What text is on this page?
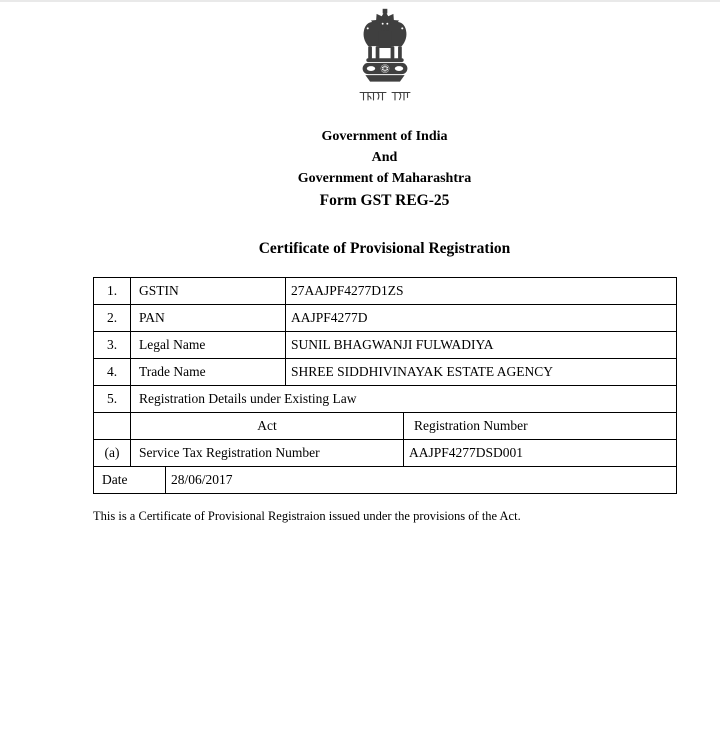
Government of India
And
Government of Maharashtra
Form GST REG-25
Certificate of Provisional Registration
1.	GSTIN		27AAJPF4277D1ZS	
2.	PAN		AAJPF4277D	
3.	Legal Name		SUNIL BHAGWANJI FULWADIYA	
4.	Trade Name		SHREE SIDDHIVINAYAK ESTATE AGENCY	
5.	Registration Details under Existing Law			
	Act			Registration Number
(a)	Service Tax Registration Number			AAJPF4277DSD001
Date		28/06/2017		
This is a Certificate of Provisional Registraion issued under the provisions of the Act.
